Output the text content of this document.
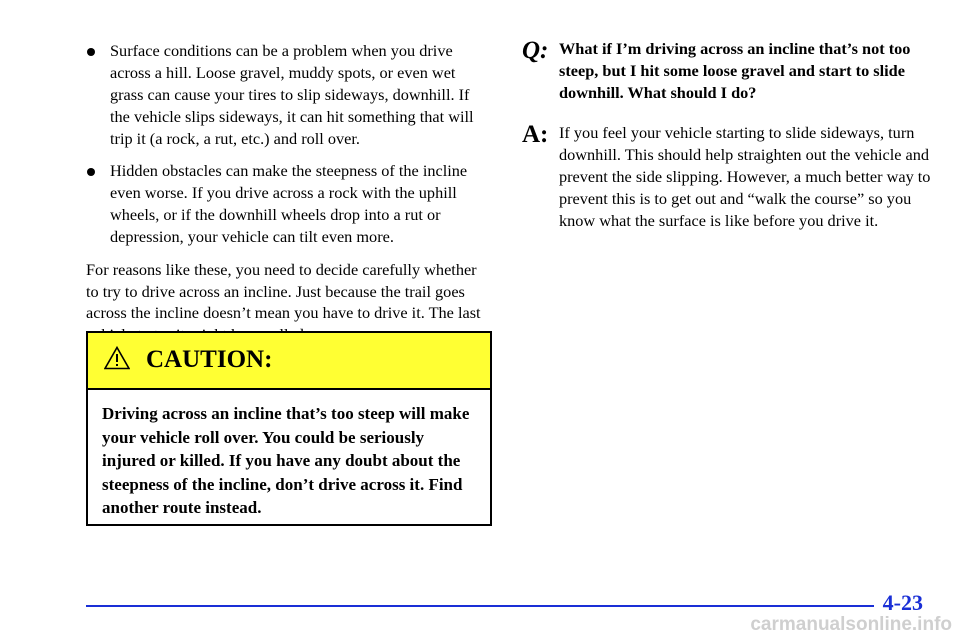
Surface conditions can be a problem when you drive across a hill. Loose gravel, muddy spots, or even wet grass can cause your tires to slip sideways, downhill. If the vehicle slips sideways, it can hit something that will trip it (a rock, a rut, etc.) and roll over.
Hidden obstacles can make the steepness of the incline even worse. If you drive across a rock with the uphill wheels, or if the downhill wheels drop into a rut or depression, your vehicle can tilt even more.
For reasons like these, you need to decide carefully whether to try to drive across an incline. Just because the trail goes across the incline doesn’t mean you have to drive it. The last
CAUTION:
Driving across an incline that’s too steep will make your vehicle roll over. You could be seriously injured or killed. If you have any doubt about the steepness of the incline, don’t drive across it. Find another route instead.
Q: What if I’m driving across an incline that’s not too steep, but I hit some loose gravel and start to slide downhill. What should I do?
A: If you feel your vehicle starting to slide sideways, turn downhill. This should help straighten out the vehicle and prevent the side slipping. However, a much better way to prevent this is to get out and “walk the course” so you know what the surface is like before you drive it.
4-23
carmanualsonline.info
